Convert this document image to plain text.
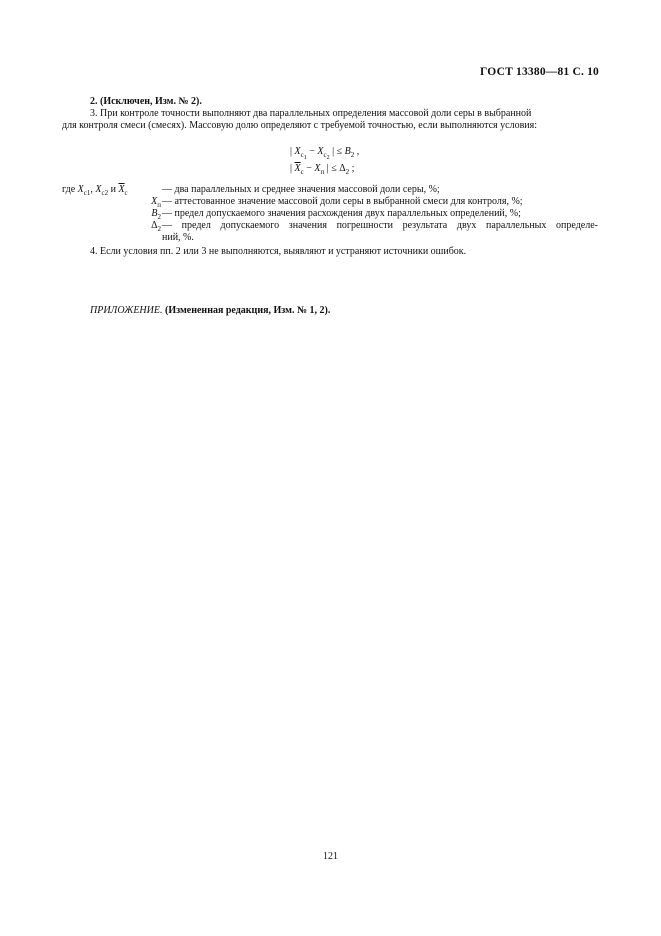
ГОСТ 13380—81 С. 10

2. (Исключен, Изм. № 2).

3. При контроле точности выполняют два параллельных определения массовой доли серы в выбранной

для контроля смеси (смесях). Массовую долю определяют с требуемой точностью, если выполняются условия:

| $X_{c1} - X_{c2}$ | ≤ $B_2$ ,
| $\overline{X}_c - X_п$ | ≤ $\Delta_2$ ;
где $X_{c1}$, $X_{c2}$ и $\overline{X}_c$	— два параллельных и среднее значения массовой доли серы, %;
$X_п$ — аттестованное значение массовой доли серы в выбранной смеси для контроля, %;
$B_2$ — предел допускаемого значения расхождения двух параллельных определений, %;
$\Delta_2$ — предел допускаемого значения погрешности результата двух параллельных определе-
ний, %.

4. Если условия пп. 2 или 3 не выполняются, выявляют и устраняют источники ошибок.

ПРИЛОЖЕНИЕ. (Измененная редакция, Изм. № 1, 2).
121
